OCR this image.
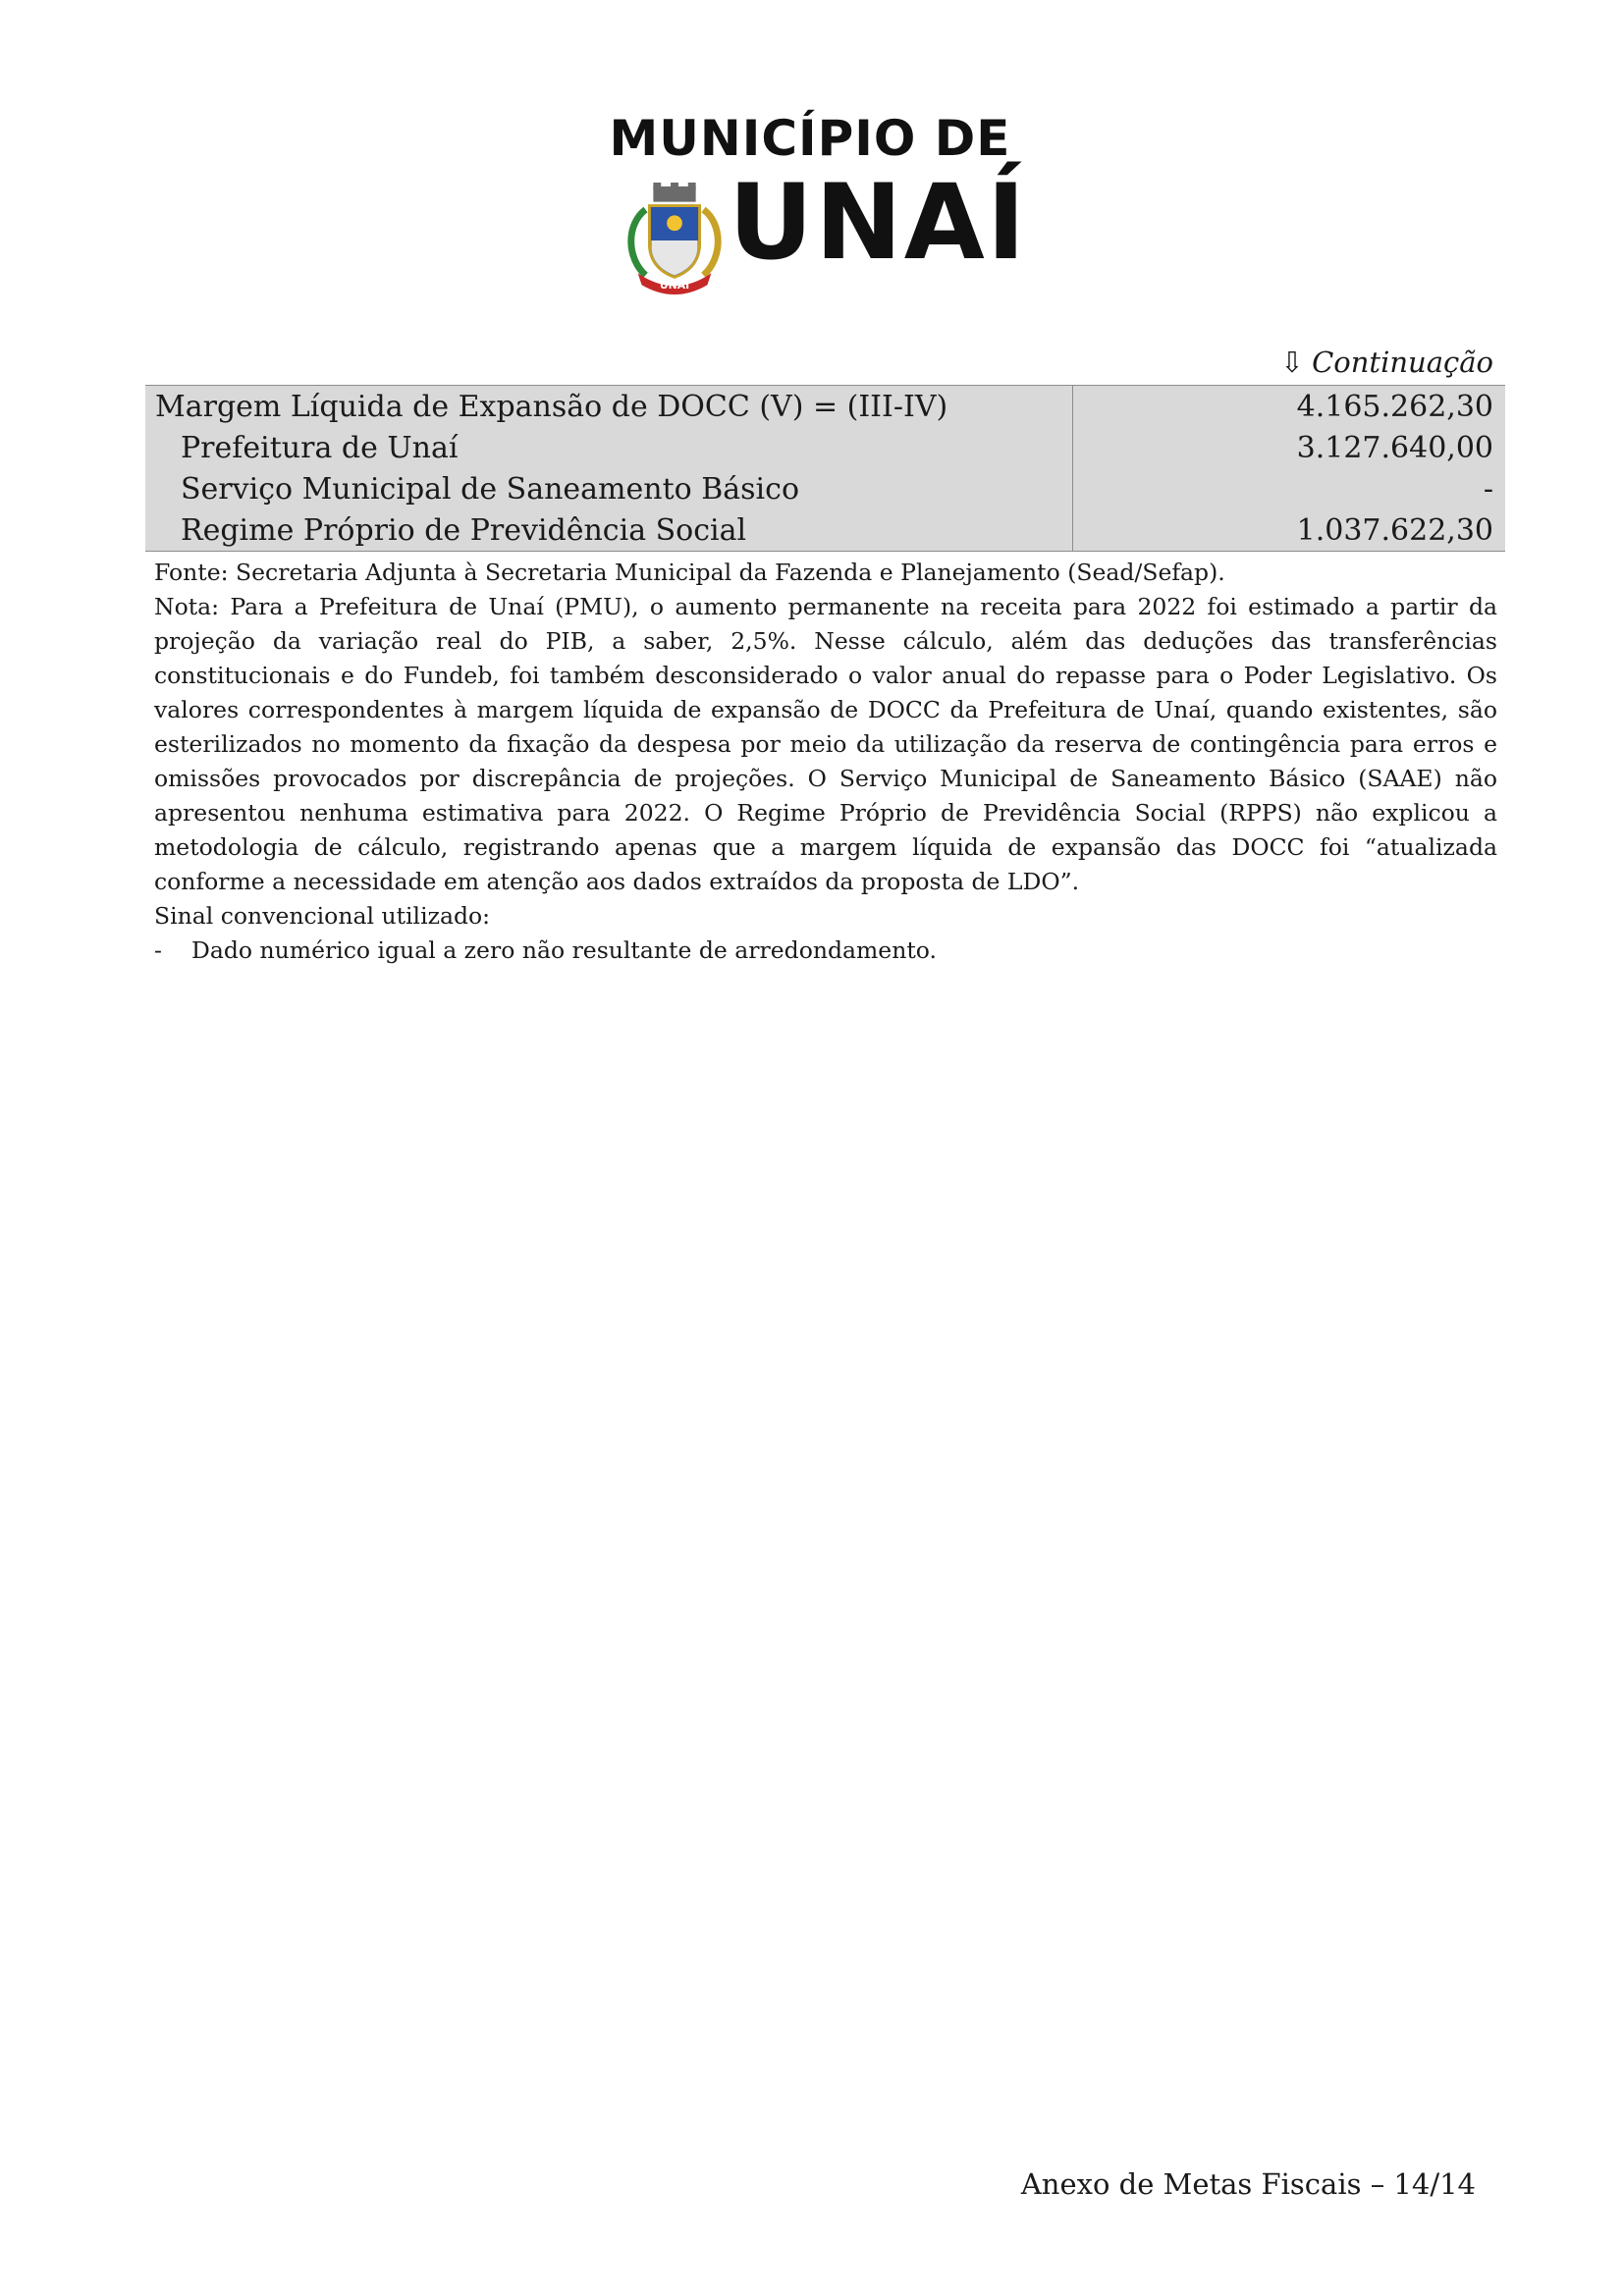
MUNICÍPIO DE
UNAÍ
UNAÍ
⇩ Continuação
Margem Líquida de Expansão de DOCC (V) = (III-IV)	4.165.262,30
Prefeitura de Unaí	3.127.640,00
Serviço Municipal de Saneamento Básico	-
Regime Próprio de Previdência Social	1.037.622,30

Fonte: Secretaria Adjunta à Secretaria Municipal da Fazenda e Planejamento (Sead/Sefap).

Nota: Para a Prefeitura de Unaí (PMU), o aumento permanente na receita para 2022 foi estimado a partir da projeção da variação real do PIB, a saber, 2,5%. Nesse cálculo, além das deduções das transferências constitucionais e do Fundeb, foi também desconsiderado o valor anual do repasse para o Poder Legislativo. Os valores correspondentes à margem líquida de expansão de DOCC da Prefeitura de Unaí, quando existentes, são esterilizados no momento da fixação da despesa por meio da utilização da reserva de contingência para erros e omissões provocados por discrepância de projeções. O Serviço Municipal de Saneamento Básico (SAAE) não apresentou nenhuma estimativa para 2022. O Regime Próprio de Previdência Social (RPPS) não explicou a metodologia de cálculo, registrando apenas que a margem líquida de expansão das DOCC foi “atualizada conforme a necessidade em atenção aos dados extraídos da proposta de LDO”.

Sinal convencional utilizado:

-	Dado numérico igual a zero não resultante de arredondamento.
Anexo de Metas Fiscais – 14/14
